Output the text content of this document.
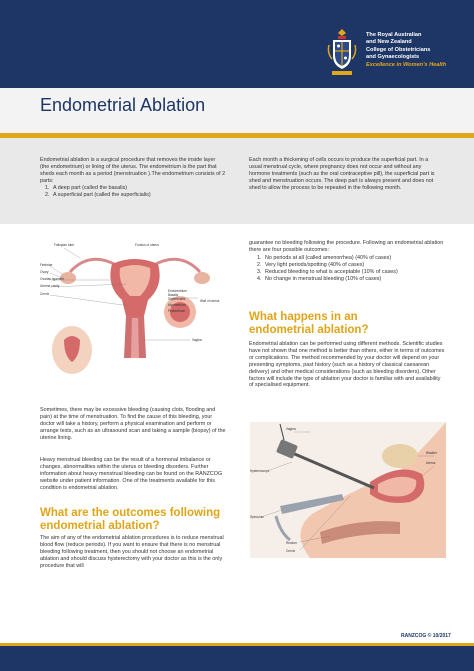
The Royal Australian
and New Zealand
College of Obstetricians
and Gynaecologists
Excellence in Women's Health
Endometrial Ablation
Endometrial ablation is a surgical procedure that removes the inside layer (the endometrium) or lining of the uterus. The endometrium is the part that sheds each month as a period (menstruation ).The endometrium consists of 2 parts:
1. A deep part (called the basalis)
2. A superficial part (called the superficialis)
Each month a thickening of cells occurs to produce the superficial part. In a usual menstrual cycle, where pregnancy does not occur and without any hormone treatments (such as the oral contraceptive pill), the superficial part is shed and menstruation occurs. The deep part is always present and does not shed to allow the process to be repeated in the following month.
Fallopian tube	Fundus of uterus
Fimbriae
Ovary
Ovarian ligament
Uterine cavity
Cervix
Endometrium
Basalis
Superficialis
Myometrium
Perimetrium
Wall of uterus
Vagina
guarantee no bleeding following the procedure. Following an endometrial ablation there are four possible outcomes:
1. No periods at all (called amenorrhea) (40% of cases)
2. Very light periods/spotting (40% of cases)
3. Reduced bleeding to what is acceptable (10% of cases)
4. No change in menstrual bleeding (10% of cases)
What happens in an
endometrial ablation?
Endometrial ablation can be performed using different methods. Scientific studies have not shown that one method is better than others, either in terms of outcomes or complications. The method recommended by your doctor will depend on your presenting symptoms, past history (such as a history of classical caesarean delivery) and other medical considerations (such as bleeding disorders). Other factors will include the type of ablation your doctor is familiar with and availability of specialised equipment.
Sometimes, there may be excessive bleeding (causing clots, flooding and pain) at the time of menstruation. To find the cause of this bleeding, your doctor will take a history, perform a physical examination and perform or arrange tests, such as an ultrasound scan and taking a sample (biopsy) of the uterine lining.
Heavy menstrual bleeding can be the result of a hormonal imbalance or changes, abnormalities within the uterus or bleeding disorders. Further information about heavy menstrual bleeding can be found on the RANZCOG website under patient information. One of the treatments available for this condition is endometrial ablation.
What are the outcomes following
endometrial ablation?
The aim of any of the endometrial ablation procedures is to reduce menstrual blood flow (reduce periods). If you want to ensure that there is no menstrual bleeding following treatment, then you should not choose an endometrial ablation and should discuss hysterectomy with your doctor as this is the only procedure that will
Vagina
Hysteroscope
Speculum
Rectum
Cervix
Bladder
Uterus
RANZCOG © 10/2017
